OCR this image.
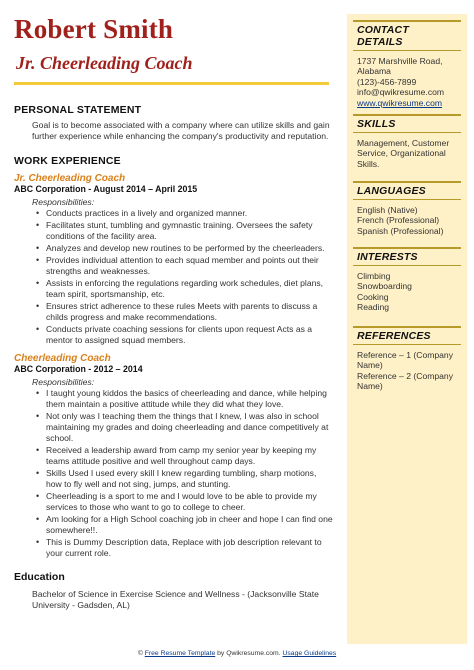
Robert Smith
Jr. Cheerleading Coach
PERSONAL STATEMENT
Goal is to become associated with a company where can utilize skills and gain further experience while enhancing the company's productivity and reputation.
WORK EXPERIENCE
Jr. Cheerleading Coach
ABC Corporation - August 2014 – April 2015
Responsibilities:
• Conducts practices in a lively and organized manner.
• Facilitates stunt, tumbling and gymnastic training. Oversees the safety conditions of the facility area.
• Analyzes and develop new routines to be performed by the cheerleaders.
• Provides individual attention to each squad member and points out their strengths and weaknesses.
• Assists in enforcing the regulations regarding work schedules, diet plans, team spirit, sportsmanship, etc.
• Ensures strict adherence to these rules Meets with parents to discuss a childs progress and make recommendations.
• Conducts private coaching sessions for clients upon request Acts as a mentor to assigned squad members.
Cheerleading Coach
ABC Corporation - 2012 – 2014
Responsibilities:
• I taught young kiddos the basics of cheerleading and dance, while helping them maintain a positive attitude while they did what they love.
• Not only was I teaching them the things that I knew, I was also in school maintaining my grades and doing cheerleading and dance competitively at school.
• Received a leadership award from camp my senior year by keeping my teams attitude positive and well throughout camp days.
• Skills Used I used every skill I knew regarding tumbling, sharp motions, how to fly well and not sing, jumps, and stunting.
• Cheerleading is a sport to me and I would love to be able to provide my services to those who want to go to college to cheer.
• Am looking for a High School coaching job in cheer and hope I can find one somewhere!!.
• This is Dummy Description data, Replace with job description relevant to your current role.
Education
Bachelor of Science in Exercise Science and Wellness - (Jacksonville State University - Gadsden, AL)
CONTACT DETAILS
1737 Marshville Road,
Alabama
(123)-456-7899
info@qwikresume.com
www.qwikresume.com
SKILLS
Management, Customer Service, Organizational Skills.
LANGUAGES
English (Native)
French (Professional)
Spanish (Professional)
INTERESTS
Climbing
Snowboarding
Cooking
Reading
REFERENCES
Reference – 1 (Company Name)
Reference – 2 (Company Name)
© Free Resume Template by Qwikresume.com. Usage Guidelines
